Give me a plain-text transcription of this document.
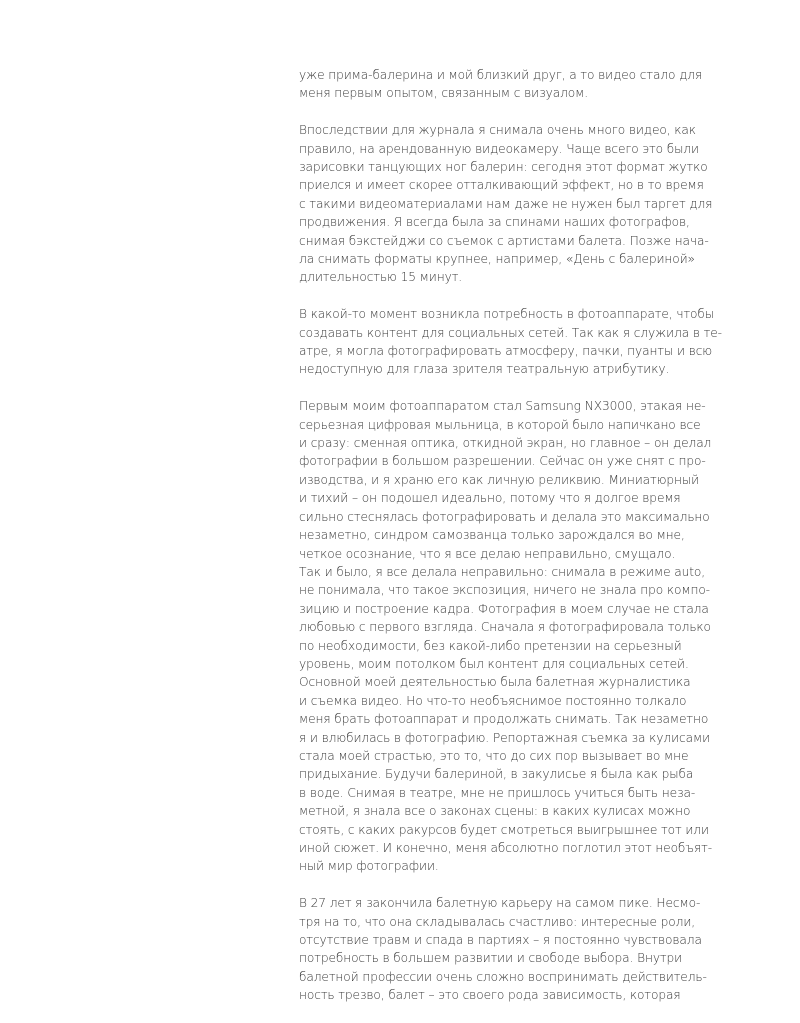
уже прима-балерина и мой близкий друг, а то видео стало для
меня первым опытом, связанным с визуалом.

Впоследствии для журнала я снимала очень много видео, как
правило, на арендованную видеокамеру. Чаще всего это были
зарисовки танцующих ног балерин: сегодня этот формат жутко
приелся и имеет скорее отталкивающий эффект, но в то время
с такими видеоматериалами нам даже не нужен был таргет для
продвижения. Я всегда была за спинами наших фотографов,
снимая бэкстейджи со съемок с артистами балета. Позже нача-
ла снимать форматы крупнее, например, «День с балериной»
длительностью 15 минут.

В какой-то момент возникла потребность в фотоаппарате, чтобы
создавать контент для социальных сетей. Так как я служила в те-
атре, я могла фотографировать атмосферу, пачки, пуанты и всю
недоступную для глаза зрителя театральную атрибутику.

Первым моим фотоаппаратом стал Samsung NX3000, этакая не-
серьезная цифровая мыльница, в которой было напичкано все
и сразу: сменная оптика, откидной экран, но главное – он делал
фотографии в большом разрешении. Сейчас он уже снят с про-
изводства, и я храню его как личную реликвию. Миниатюрный
и тихий – он подошел идеально, потому что я долгое время
сильно стеснялась фотографировать и делала это максимально
незаметно, синдром самозванца только зарождался во мне,
четкое осознание, что я все делаю неправильно, смущало.
Так и было, я все делала неправильно: снимала в режиме auto,
не понимала, что такое экспозиция, ничего не знала про компо-
зицию и построение кадра. Фотография в моем случае не стала
любовью с первого взгляда. Сначала я фотографировала только
по необходимости, без какой-либо претензии на серьезный
уровень, моим потолком был контент для социальных сетей.
Основной моей деятельностью была балетная журналистика
и съемка видео. Но что-то необъяснимое постоянно толкало
меня брать фотоаппарат и продолжать снимать. Так незаметно
я и влюбилась в фотографию. Репортажная съемка за кулисами
стала моей страстью, это то, что до сих пор вызывает во мне
придыхание. Будучи балериной, в закулисье я была как рыба
в воде. Снимая в театре, мне не пришлось учиться быть неза-
метной, я знала все о законах сцены: в каких кулисах можно
стоять, с каких ракурсов будет смотреться выигрышнее тот или
иной сюжет. И конечно, меня абсолютно поглотил этот необъят-
ный мир фотографии.

В 27 лет я закончила балетную карьеру на самом пике. Несмо-
тря на то, что она складывалась счастливо: интересные роли,
отсутствие травм и спада в партиях – я постоянно чувствовала
потребность в большем развитии и свободе выбора. Внутри
балетной профессии очень сложно воспринимать действитель-
ность трезво, балет – это своего рода зависимость, которая
